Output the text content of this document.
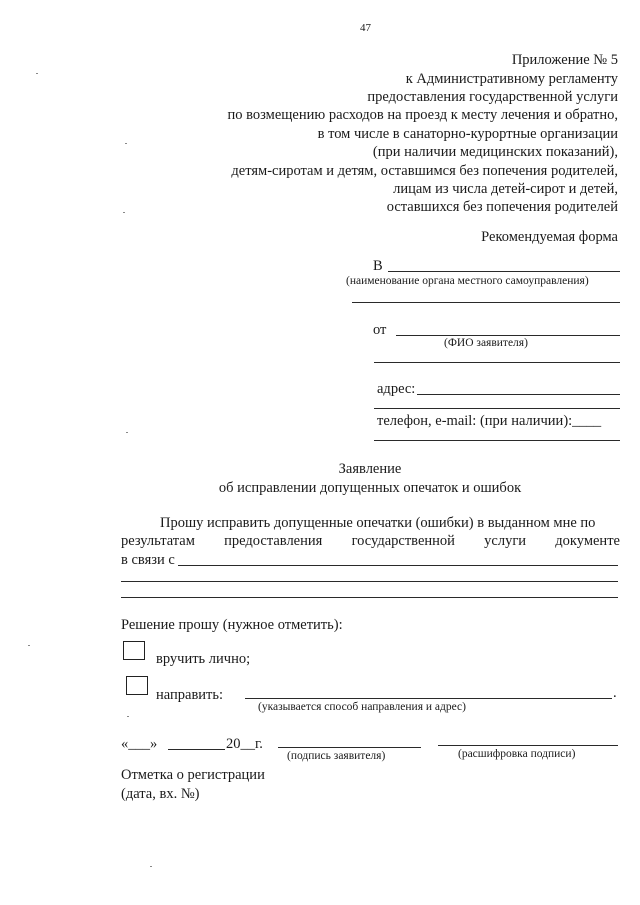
47
Приложение № 5
к Административному регламенту
предоставления государственной услуги
по возмещению расходов на проезд к месту лечения и обратно,
в том числе в санаторно-курортные организации
(при наличии медицинских показаний),
детям-сиротам и детям, оставшимся без попечения родителей,
лицам из числа детей-сирот и детей,
оставшихся без попечения родителей
Рекомендуемая форма
В
(наименование органа местного самоуправления)
от
(ФИО заявителя)
адрес:
телефон, e-mail: (при наличии):____
Заявление
об исправлении допущенных опечаток и ошибок
Прошу исправить допущенные опечатки (ошибки) в выданном мне по
результатам предоставления государственной услуги документе
в связи с
Решение прошу (нужное отметить):
вручить лично;
направить:	.
(указывается способ направления и адрес)
«___»	20__г.
(подпись заявителя)	(расшифровка подписи)
Отметка о регистрации
(дата, вх. №)
